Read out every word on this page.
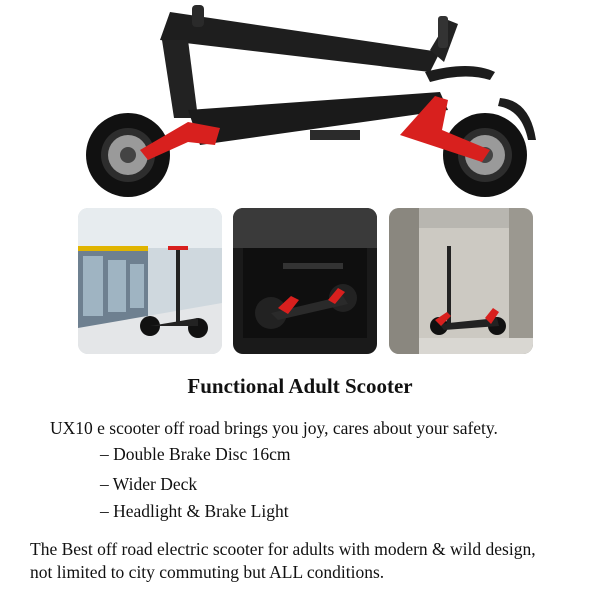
Functional Adult Scooter
UX10 e scooter off road brings you joy, cares about your safety.
– Double Brake Disc 16cm
– Wider Deck
– Headlight & Brake Light
The Best off road electric scooter for adults with modern & wild design,
not limited to city commuting but ALL conditions.
